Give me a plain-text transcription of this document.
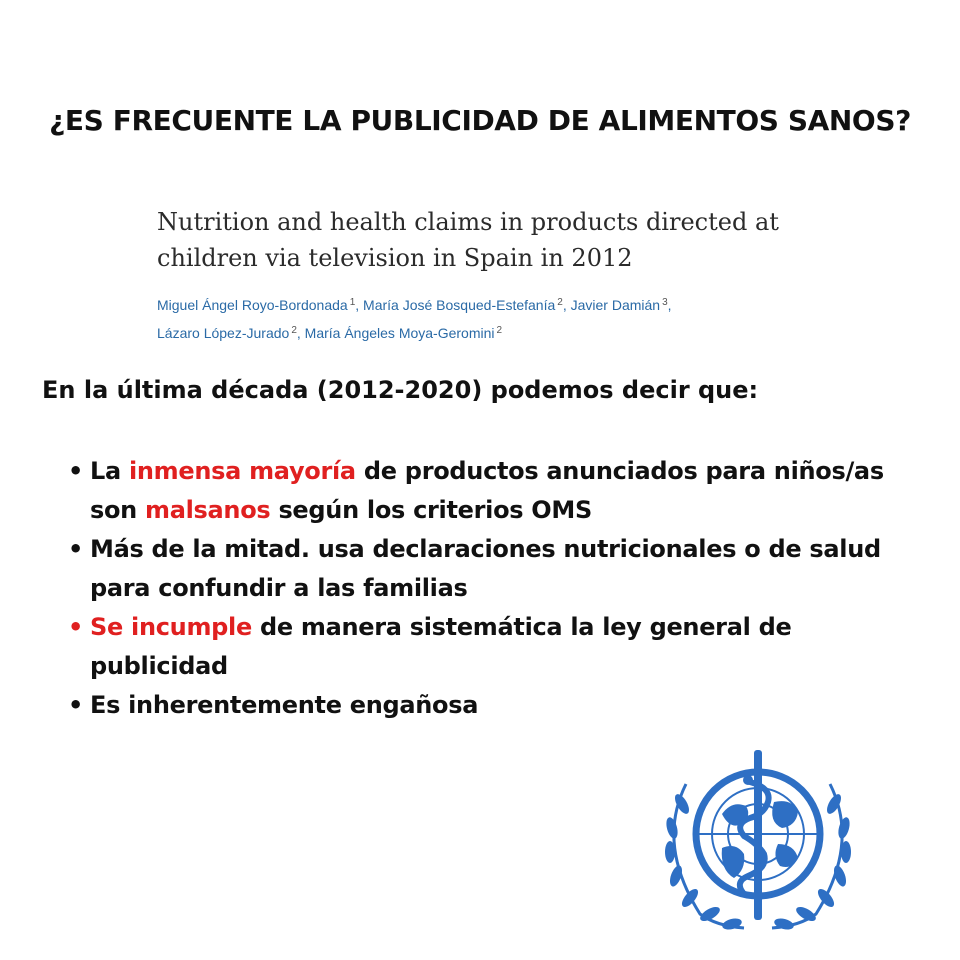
¿ES FRECUENTE LA PUBLICIDAD DE ALIMENTOS SANOS?
Nutrition and health claims in products directed at
children via television in Spain in 2012
Miguel Ángel Royo-Bordonada $^1$, María José Bosqued-Estefanía $^2$, Javier Damián $^3$,
Lázaro López-Jurado $^2$, María Ángeles Moya-Geromini $^2$
En la última década (2012-2020) podemos decir que:
• La inmensa mayoría de productos anunciados para niños/as son malsanos según los criterios OMS
• Más de la mitad. usa declaraciones nutricionales o de salud para confundir a las familias
• Se incumple de manera sistemática la ley general de publicidad
• Es inherentemente engañosa
